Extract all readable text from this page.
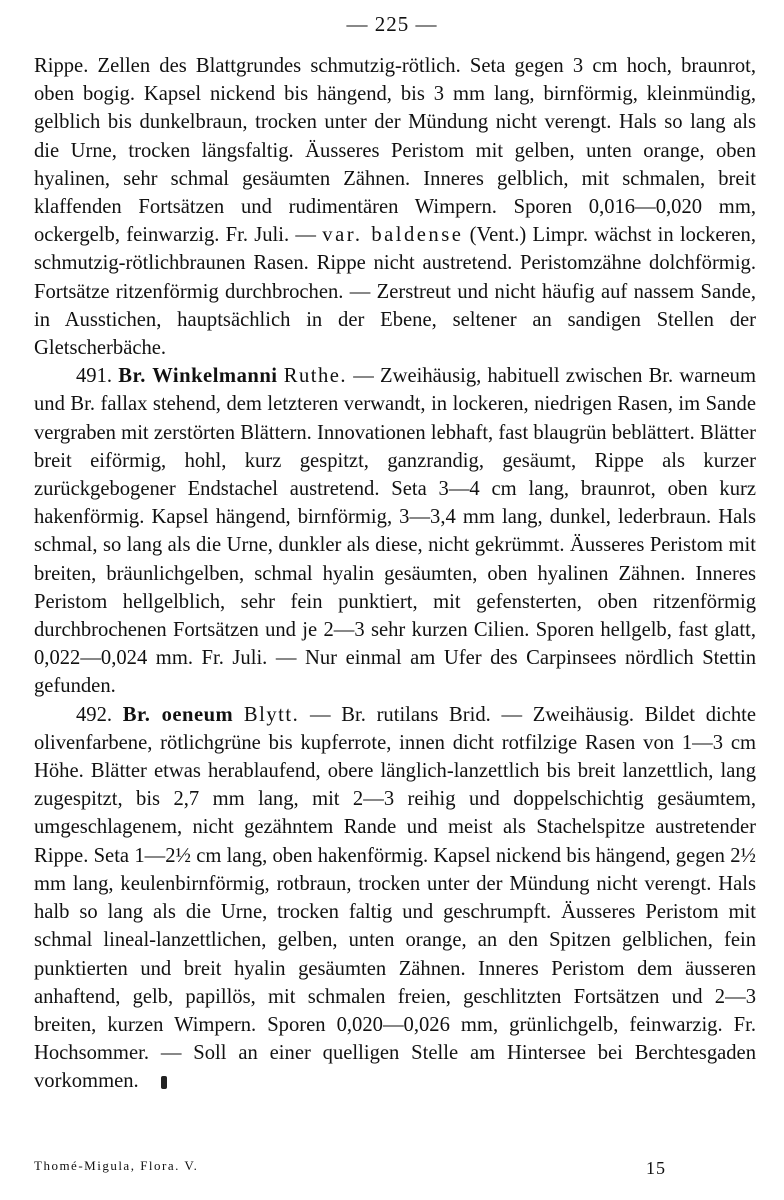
— 225 —

Rippe. Zellen des Blattgrundes schmutzig-rötlich. Seta gegen 3 cm hoch, braunrot, oben bogig. Kapsel nickend bis hängend, bis 3 mm lang, birnförmig, kleinmündig, gelblich bis dunkelbraun, trocken unter der Mündung nicht verengt. Hals so lang als die Urne, trocken längsfaltig. Äusseres Peristom mit gelben, unten orange, oben hyalinen, sehr schmal gesäumten Zähnen. Inneres gelblich, mit schmalen, breit klaffenden Fortsätzen und rudimentären Wimpern. Sporen 0,016—0,020 mm, ockergelb, feinwarzig. Fr. Juli. — var. baldense (Vent.) Limpr. wächst in lockeren, schmutzig-rötlichbraunen Rasen. Rippe nicht austretend. Peristomzähne dolchförmig. Fortsätze ritzenförmig durchbrochen. — Zerstreut und nicht häufig auf nassem Sande, in Ausstichen, hauptsächlich in der Ebene, seltener an sandigen Stellen der Gletscherbäche.

491. Br. Winkelmanni Ruthe. — Zweihäusig, habituell zwischen Br. warneum und Br. fallax stehend, dem letzteren verwandt, in lockeren, niedrigen Rasen, im Sande vergraben mit zerstörten Blättern. Innovationen lebhaft, fast blaugrün beblättert. Blätter breit eiförmig, hohl, kurz gespitzt, ganzrandig, gesäumt, Rippe als kurzer zurückgebogener Endstachel austretend. Seta 3—4 cm lang, braunrot, oben kurz hakenförmig. Kapsel hängend, birnförmig, 3—3,4 mm lang, dunkel, lederbraun. Hals schmal, so lang als die Urne, dunkler als diese, nicht gekrümmt. Äusseres Peristom mit breiten, bräunlichgelben, schmal hyalin gesäumten, oben hyalinen Zähnen. Inneres Peristom hellgelblich, sehr fein punktiert, mit gefensterten, oben ritzenförmig durchbrochenen Fortsätzen und je 2—3 sehr kurzen Cilien. Sporen hellgelb, fast glatt, 0,022—0,024 mm. Fr. Juli. — Nur einmal am Ufer des Carpinsees nördlich Stettin gefunden.

492. Br. oeneum Blytt. — Br. rutilans Brid. — Zweihäusig. Bildet dichte olivenfarbene, rötlichgrüne bis kupferrote, innen dicht rotfilzige Rasen von 1—3 cm Höhe. Blätter etwas herablaufend, obere länglich-lanzettlich bis breit lanzettlich, lang zugespitzt, bis 2,7 mm lang, mit 2—3 reihig und doppelschichtig gesäumtem, umgeschlagenem, nicht gezähntem Rande und meist als Stachelspitze austretender Rippe. Seta 1—2½ cm lang, oben hakenförmig. Kapsel nickend bis hängend, gegen 2½ mm lang, keulenbirnförmig, rotbraun, trocken unter der Mündung nicht verengt. Hals halb so lang als die Urne, trocken faltig und geschrumpft. Äusseres Peristom mit schmal lineal-lanzettlichen, gelben, unten orange, an den Spitzen gelblichen, fein punktierten und breit hyalin gesäumten Zähnen. Inneres Peristom dem äusseren anhaftend, gelb, papillös, mit schmalen freien, geschlitzten Fortsätzen und 2—3 breiten, kurzen Wimpern. Sporen 0,020—0,026 mm, grünlichgelb, feinwarzig. Fr. Hochsommer. — Soll an einer quelligen Stelle am Hintersee bei Berchtesgaden vorkommen.

Thomé-Migula, Flora. V.	15
